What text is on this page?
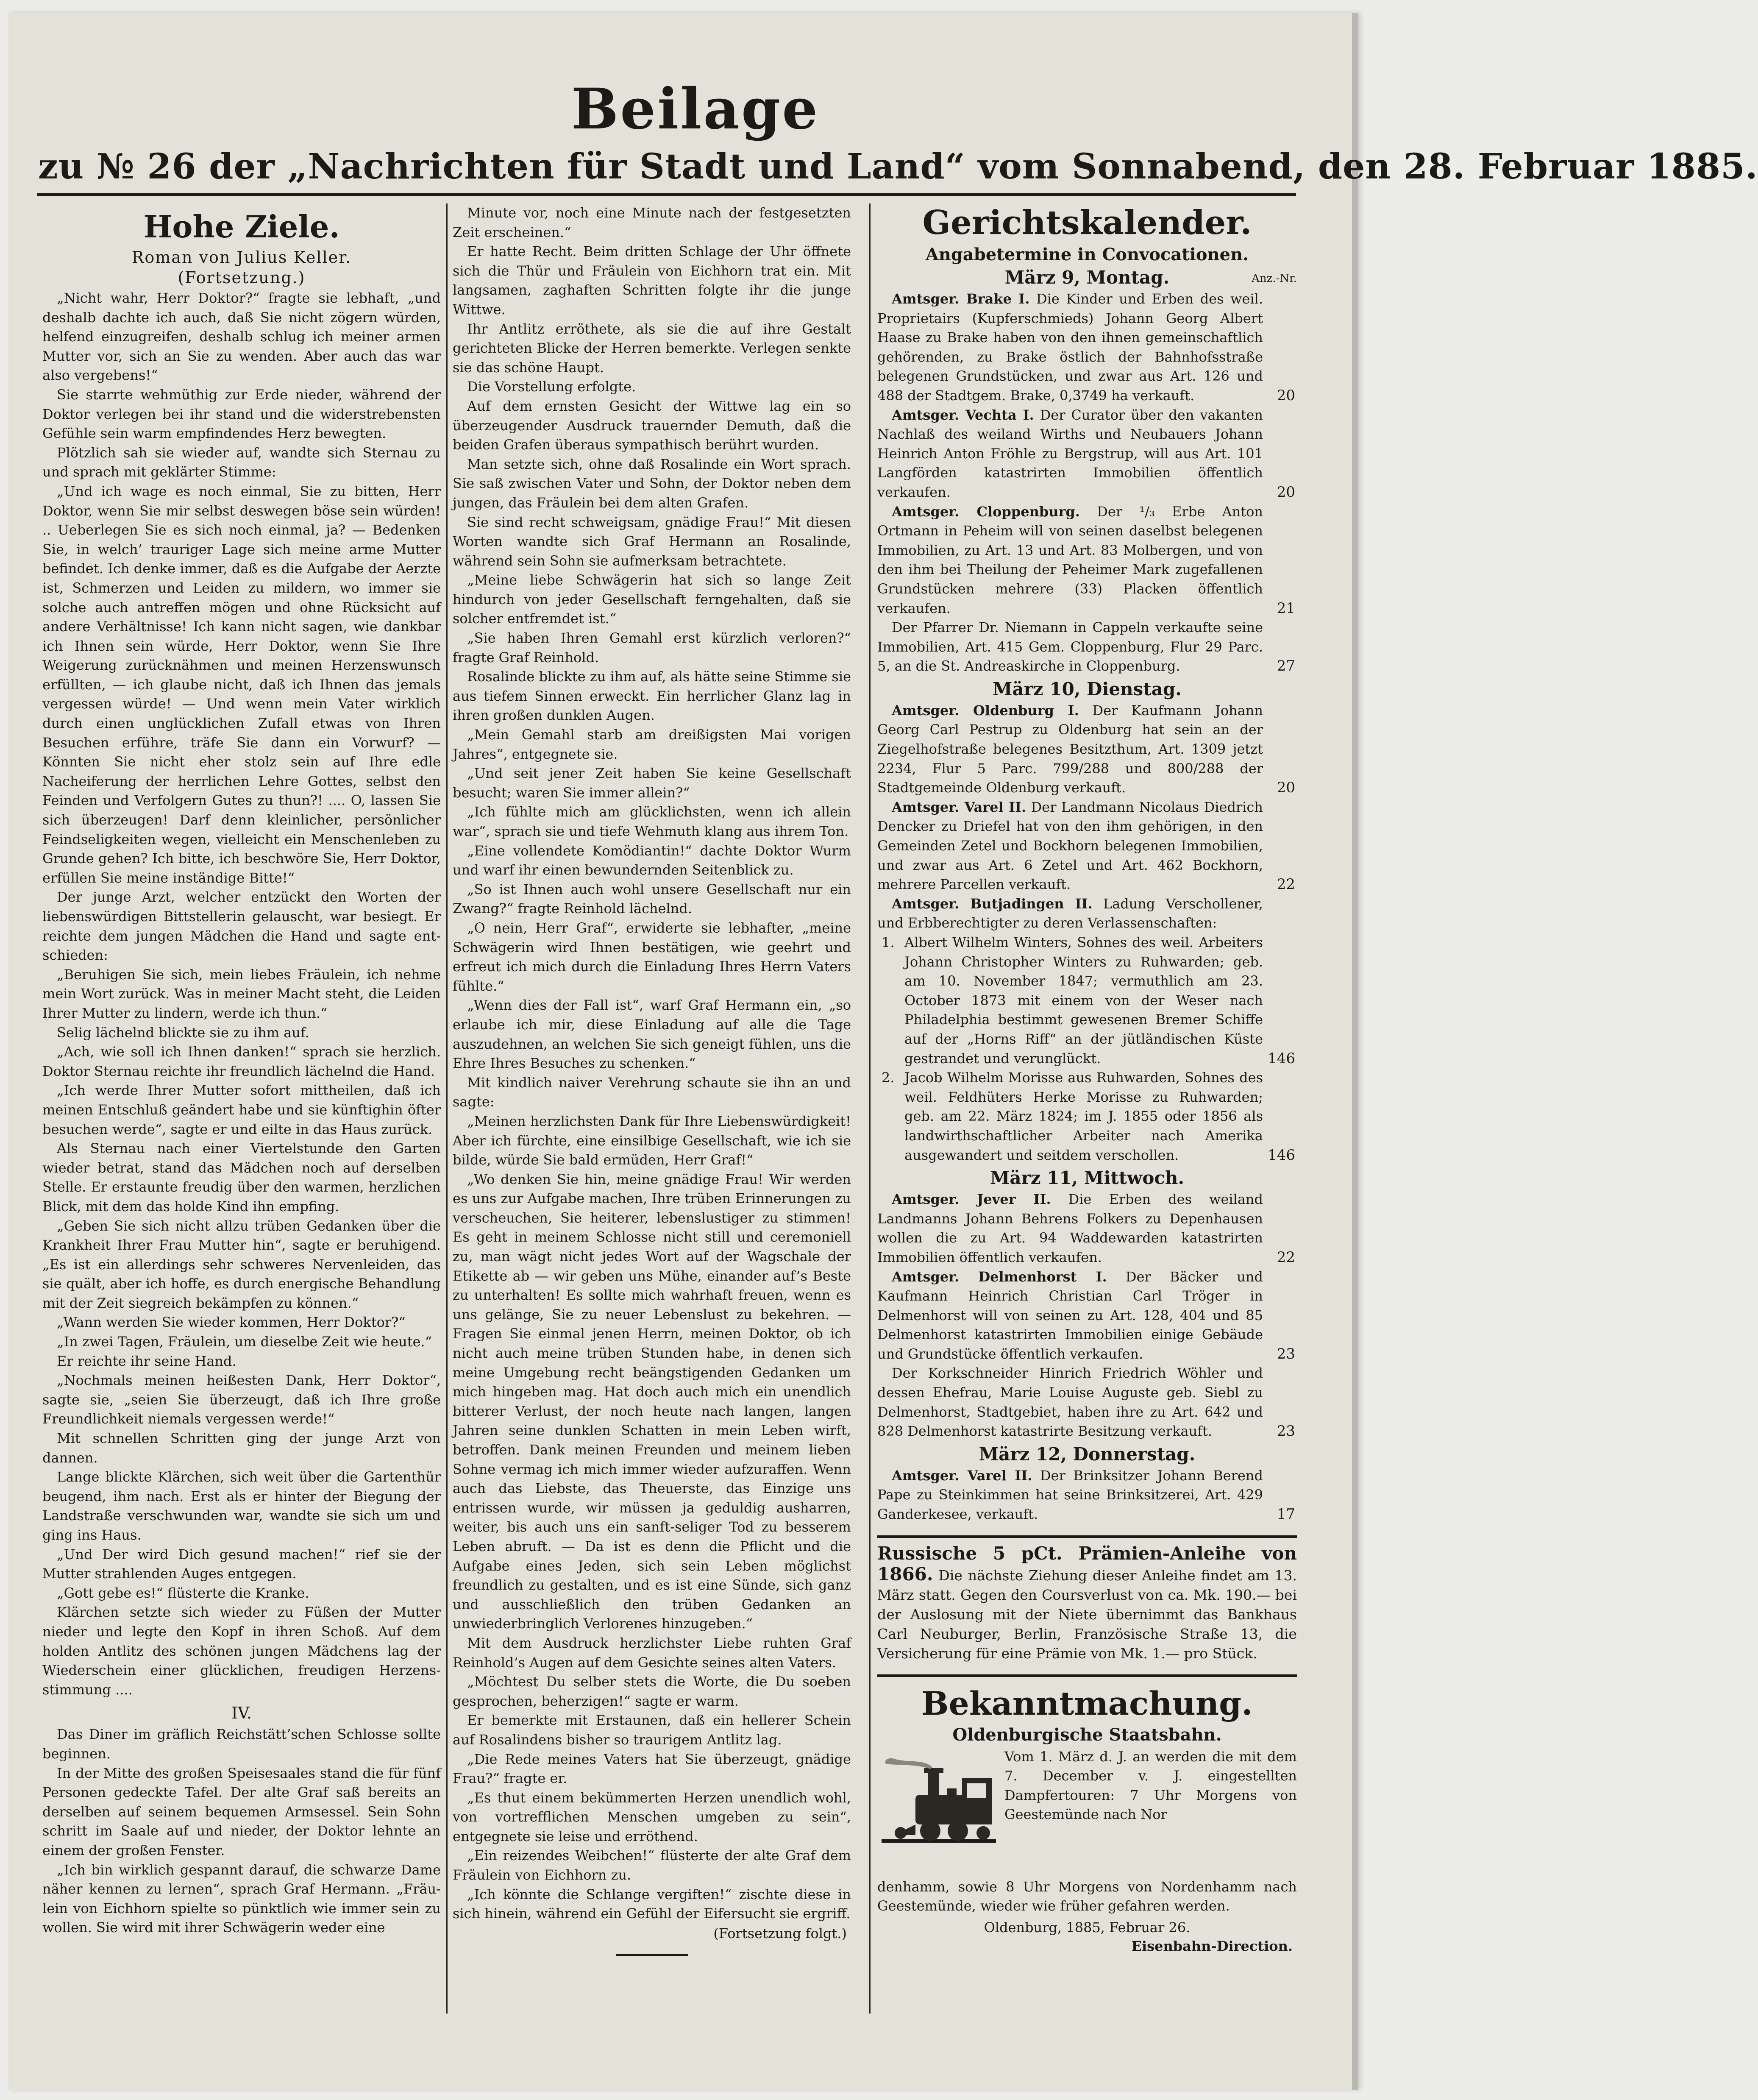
Beilage
zu № 26 der „Nachrichten für Stadt und Land“ vom Sonnabend, den 28. Februar 1885.
Hohe Ziele.
Roman von Julius Keller.
(Fortsetzung.)

„Nicht wahr, Herr Doktor?“ fragte sie lebhaft, „und deshalb dachte ich auch, daß Sie nicht zögern würden, helfend einzugreifen, deshalb schlug ich meiner armen Mutter vor, sich an Sie zu wenden. Aber auch das war also vergebens!“

Sie starrte wehmüthig zur Erde nieder, während der Doktor verlegen bei ihr stand und die widerstrebensten Gefühle sein warm empfindendes Herz bewegten.

Plötzlich sah sie wieder auf, wandte sich Sternau zu und sprach mit geklärter Stimme:

„Und ich wage es noch einmal, Sie zu bitten, Herr Doktor, wenn Sie mir selbst deswegen böse sein würden! .. Ueberlegen Sie es sich noch einmal, ja? — Bedenken Sie, in welch’ trauriger Lage sich meine arme Mutter befindet. Ich denke immer, daß es die Aufgabe der Aerzte ist, Schmerzen und Leiden zu mildern, wo immer sie solche auch antreffen mögen und ohne Rücksicht auf andere Verhältnisse! Ich kann nicht sagen, wie dankbar ich Ihnen sein würde, Herr Doktor, wenn Sie Ihre Weigerung zurücknähmen und meinen Herzenswunsch erfüllten, — ich glaube nicht, daß ich Ihnen das jemals vergessen würde! — Und wenn mein Vater wirklich durch einen unglücklichen Zufall etwas von Ihren Besuchen erführe, träfe Sie dann ein Vorwurf? — Könnten Sie nicht eher stolz sein auf Ihre edle Nacheiferung der herrlichen Lehre Gottes, selbst den Feinden und Verfolgern Gutes zu thun?! .... O, lassen Sie sich überzeugen! Darf denn kleinlicher, persönlicher Feindseligkeiten wegen, vielleicht ein Menschenleben zu Grunde gehen? Ich bitte, ich beschwöre Sie, Herr Doktor, erfüllen Sie meine inständige Bitte!“

Der junge Arzt, welcher entzückt den Worten der liebenswürdigen Bittstellerin gelauscht, war besiegt. Er reichte dem jungen Mädchen die Hand und sagte entschieden:

„Beruhigen Sie sich, mein liebes Fräulein, ich nehme mein Wort zurück. Was in meiner Macht steht, die Leiden Ihrer Mutter zu lindern, werde ich thun.“

Selig lächelnd blickte sie zu ihm auf.

„Ach, wie soll ich Ihnen danken!“ sprach sie herzlich. Doktor Sternau reichte ihr freundlich lächelnd die Hand.

„Ich werde Ihrer Mutter sofort mittheilen, daß ich meinen Entschluß geändert habe und sie künftighin öfter besuchen werde“, sagte er und eilte in das Haus zurück.

Als Sternau nach einer Viertelstunde den Garten wieder betrat, stand das Mädchen noch auf derselben Stelle. Er erstaunte freudig über den warmen, herzlichen Blick, mit dem das holde Kind ihn empfing.

„Geben Sie sich nicht allzu trüben Gedanken über die Krankheit Ihrer Frau Mutter hin“, sagte er beruhigend. „Es ist ein allerdings sehr schweres Nervenleiden, das sie quält, aber ich hoffe, es durch energische Behandlung mit der Zeit siegreich bekämpfen zu können.“

„Wann werden Sie wieder kommen, Herr Doktor?“

„In zwei Tagen, Fräulein, um dieselbe Zeit wie heute.“

Er reichte ihr seine Hand.

„Nochmals meinen heißesten Dank, Herr Doktor“, sagte sie, „seien Sie überzeugt, daß ich Ihre große Freundlichkeit niemals vergessen werde!“

Mit schnellen Schritten ging der junge Arzt von dannen.

Lange blickte Klärchen, sich weit über die Gartenthür beugend, ihm nach. Erst als er hinter der Biegung der Landstraße verschwunden war, wandte sie sich um und ging ins Haus.

„Und Der wird Dich gesund machen!“ rief sie der Mutter strahlenden Auges entgegen.

„Gott gebe es!“ flüsterte die Kranke.

Klärchen setzte sich wieder zu Füßen der Mutter nieder und legte den Kopf in ihren Schoß. Auf dem holden Antlitz des schönen jungen Mädchens lag der Wiederschein einer glücklichen, freudigen Herzensstimmung ....

IV.

Das Diner im gräflich Reichstätt’schen Schlosse sollte beginnen.

In der Mitte des großen Speisesaales stand die für fünf Personen gedeckte Tafel. Der alte Graf saß bereits an derselben auf seinem bequemen Armsessel. Sein Sohn schritt im Saale auf und nieder, der Doktor lehnte an einem der großen Fenster.

„Ich bin wirklich gespannt darauf, die schwarze Dame näher kennen zu lernen“, sprach Graf Hermann. „Fräulein von Eichhorn spielte so pünktlich wie immer sein zu wollen. Sie wird mit ihrer Schwägerin weder eine

Minute vor, noch eine Minute nach der festgesetzten Zeit erscheinen.“

Er hatte Recht. Beim dritten Schlage der Uhr öffnete sich die Thür und Fräulein von Eichhorn trat ein. Mit langsamen, zaghaften Schritten folgte ihr die junge Wittwe.

Ihr Antlitz erröthete, als sie die auf ihre Gestalt gerichteten Blicke der Herren bemerkte. Verlegen senkte sie das schöne Haupt.

Die Vorstellung erfolgte.

Auf dem ernsten Gesicht der Wittwe lag ein so überzeugender Ausdruck trauernder Demuth, daß die beiden Grafen überaus sympathisch berührt wurden.

Man setzte sich, ohne daß Rosalinde ein Wort sprach. Sie saß zwischen Vater und Sohn, der Doktor neben dem jungen, das Fräulein bei dem alten Grafen.

Sie sind recht schweigsam, gnädige Frau!“ Mit diesen Worten wandte sich Graf Hermann an Rosalinde, während sein Sohn sie aufmerksam betrachtete.

„Meine liebe Schwägerin hat sich so lange Zeit hindurch von jeder Gesellschaft ferngehalten, daß sie solcher entfremdet ist.“

„Sie haben Ihren Gemahl erst kürzlich verloren?“ fragte Graf Reinhold.

Rosalinde blickte zu ihm auf, als hätte seine Stimme sie aus tiefem Sinnen erweckt. Ein herrlicher Glanz lag in ihren großen dunklen Augen.

„Mein Gemahl starb am dreißigsten Mai vorigen Jahres“, entgegnete sie.

„Und seit jener Zeit haben Sie keine Gesellschaft besucht; waren Sie immer allein?“

„Ich fühlte mich am glücklichsten, wenn ich allein war“, sprach sie und tiefe Wehmuth klang aus ihrem Ton.

„Eine vollendete Komödiantin!“ dachte Doktor Wurm und warf ihr einen bewundernden Seitenblick zu.

„So ist Ihnen auch wohl unsere Gesellschaft nur ein Zwang?“ fragte Reinhold lächelnd.

„O nein, Herr Graf“, erwiderte sie lebhafter, „meine Schwägerin wird Ihnen bestätigen, wie geehrt und erfreut ich mich durch die Einladung Ihres Herrn Vaters fühlte.“

„Wenn dies der Fall ist“, warf Graf Hermann ein, „so erlaube ich mir, diese Einladung auf alle die Tage auszudehnen, an welchen Sie sich geneigt fühlen, uns die Ehre Ihres Besuches zu schenken.“

Mit kindlich naiver Verehrung schaute sie ihn an und sagte:

„Meinen herzlichsten Dank für Ihre Liebenswürdigkeit! Aber ich fürchte, eine einsilbige Gesellschaft, wie ich sie bilde, würde Sie bald ermüden, Herr Graf!“

„Wo denken Sie hin, meine gnädige Frau! Wir werden es uns zur Aufgabe machen, Ihre trüben Erinnerungen zu verscheuchen, Sie heiterer, lebenslustiger zu stimmen! Es geht in meinem Schlosse nicht still und ceremoniell zu, man wägt nicht jedes Wort auf der Wagschale der Etikette ab — wir geben uns Mühe, einander auf’s Beste zu unterhalten! Es sollte mich wahrhaft freuen, wenn es uns gelänge, Sie zu neuer Lebenslust zu bekehren. — Fragen Sie einmal jenen Herrn, meinen Doktor, ob ich nicht auch meine trüben Stunden habe, in denen sich meine Umgebung recht beängstigenden Gedanken um mich hingeben mag. Hat doch auch mich ein unendlich bitterer Verlust, der noch heute nach langen, langen Jahren seine dunklen Schatten in mein Leben wirft, betroffen. Dank meinen Freunden und meinem lieben Sohne vermag ich mich immer wieder aufzuraffen. Wenn auch das Liebste, das Theuerste, das Einzige uns entrissen wurde, wir müssen ja geduldig ausharren, weiter, bis auch uns ein sanft-seliger Tod zu besserem Leben abruft. — Da ist es denn die Pflicht und die Aufgabe eines Jeden, sich sein Leben möglichst freundlich zu gestalten, und es ist eine Sünde, sich ganz und ausschließlich den trüben Gedanken an unwiederbringlich Verlorenes hinzugeben.“

Mit dem Ausdruck herzlichster Liebe ruhten Graf Reinhold’s Augen auf dem Gesichte seines alten Vaters.

„Möchtest Du selber stets die Worte, die Du soeben gesprochen, beherzigen!“ sagte er warm.

Er bemerkte mit Erstaunen, daß ein hellerer Schein auf Rosalindens bisher so traurigem Antlitz lag.

„Die Rede meines Vaters hat Sie überzeugt, gnädige Frau?“ fragte er.

„Es thut einem bekümmerten Herzen unendlich wohl, von vortrefflichen Menschen umgeben zu sein“, entgegnete sie leise und erröthend.

„Ein reizendes Weibchen!“ flüsterte der alte Graf dem Fräulein von Eichhorn zu.

„Ich könnte die Schlange vergiften!“ zischte diese in sich hinein, während ein Gefühl der Eifersucht sie ergriff.

(Fortsetzung folgt.)
Gerichtskalender.
Angabetermine in Convocationen.
März 9, Montag.	Anz.-Nr.

Amtsger. Brake I. Die Kinder und Erben des weil. Proprietairs (Kupferschmieds) Johann Georg Albert Haase zu Brake haben von den ihnen gemeinschaftlich gehörenden, zu Brake östlich der Bahnhofsstraße belegenen Grundstücken, und zwar aus Art. 126 und 488 der Stadtgem. Brake, 0,3749 ha verkauft.	20

Amtsger. Vechta I. Der Curator über den vakanten Nachlaß des weiland Wirths und Neubauers Johann Heinrich Anton Fröhle zu Bergstrup, will aus Art. 101 Langförden katastrirten Immobilien öffentlich verkaufen.	20

Amtsger. Cloppenburg. Der ¹/₃ Erbe Anton Ortmann in Peheim will von seinen daselbst belegenen Immobilien, zu Art. 13 und Art. 83 Molbergen, und von den ihm bei Theilung der Peheimer Mark zugefallenen Grundstücken mehrere (33) Placken öffentlich verkaufen.	21

Der Pfarrer Dr. Niemann in Cappeln verkaufte seine Immobilien, Art. 415 Gem. Cloppenburg, Flur 29 Parc. 5, an die St. Andreaskirche in Cloppenburg.	27

März 10, Dienstag.

Amtsger. Oldenburg I. Der Kaufmann Johann Georg Carl Pestrup zu Oldenburg hat sein an der Ziegelhofstraße belegenes Besitzthum, Art. 1309 jetzt 2234, Flur 5 Parc. 799/288 und 800/288 der Stadtgemeinde Oldenburg verkauft.	20

Amtsger. Varel II. Der Landmann Nicolaus Diedrich Dencker zu Driefel hat von den ihm gehörigen, in den Gemeinden Zetel und Bockhorn belegenen Immobilien, und zwar aus Art. 6 Zetel und Art. 462 Bockhorn, mehrere Parcellen verkauft.	22

Amtsger. Butjadingen II. Ladung Verschollener, und Erbberechtigter zu deren Verlassenschaften:

1. Albert Wilhelm Winters, Sohnes des weil. Arbeiters Johann Christopher Winters zu Ruhwarden; geb. am 10. November 1847; vermuthlich am 23. October 1873 mit einem von der Weser nach Philadelphia bestimmt gewesenen Bremer Schiffe auf der „Horns Riff“ an der jütländischen Küste gestrandet und verunglückt.	146
2. Jacob Wilhelm Morisse aus Ruhwarden, Sohnes des weil. Feldhüters Herke Morisse zu Ruhwarden; geb. am 22. März 1824; im J. 1855 oder 1856 als landwirthschaftlicher Arbeiter nach Amerika ausgewandert und seitdem verschollen.	146
März 11, Mittwoch.

Amtsger. Jever II. Die Erben des weiland Landmanns Johann Behrens Folkers zu Depenhausen wollen die zu Art. 94 Waddewarden katastrirten Immobilien öffentlich verkaufen.	22

Amtsger. Delmenhorst I. Der Bäcker und Kaufmann Heinrich Christian Carl Tröger in Delmenhorst will von seinen zu Art. 128, 404 und 85 Delmenhorst katastrirten Immobilien einige Gebäude und Grundstücke öffentlich verkaufen.	23

Der Korkschneider Hinrich Friedrich Wöhler und dessen Ehefrau, Marie Louise Auguste geb. Siebl zu Delmenhorst, Stadtgebiet, haben ihre zu Art. 642 und 828 Delmenhorst katastrirte Besitzung verkauft.	23

März 12, Donnerstag.

Amtsger. Varel II. Der Brinksitzer Johann Berend Pape zu Steinkimmen hat seine Brinksitzerei, Art. 429 Ganderkesee, verkauft.	17

Russische 5 pCt. Prämien-Anleihe von 1866. Die nächste Ziehung dieser Anleihe findet am 13. März statt. Gegen den Coursverlust von ca. Mk. 190.— bei der Auslosung mit der Niete übernimmt das Bankhaus Carl Neuburger, Berlin, Französische Straße 13, die Versicherung für eine Prämie von Mk. 1.— pro Stück.

Bekanntmachung.
Oldenburgische Staatsbahn.

Vom 1. März d. J. an werden die mit dem 7. December v. J. eingestellten Dampfertouren: 7 Uhr Morgens von Geestemünde nach Nor

denhamm, sowie 8 Uhr Morgens von Nordenhamm nach Geestemünde, wieder wie früher gefahren werden.

Oldenburg, 1885, Februar 26.
Eisenbahn-Direction.
